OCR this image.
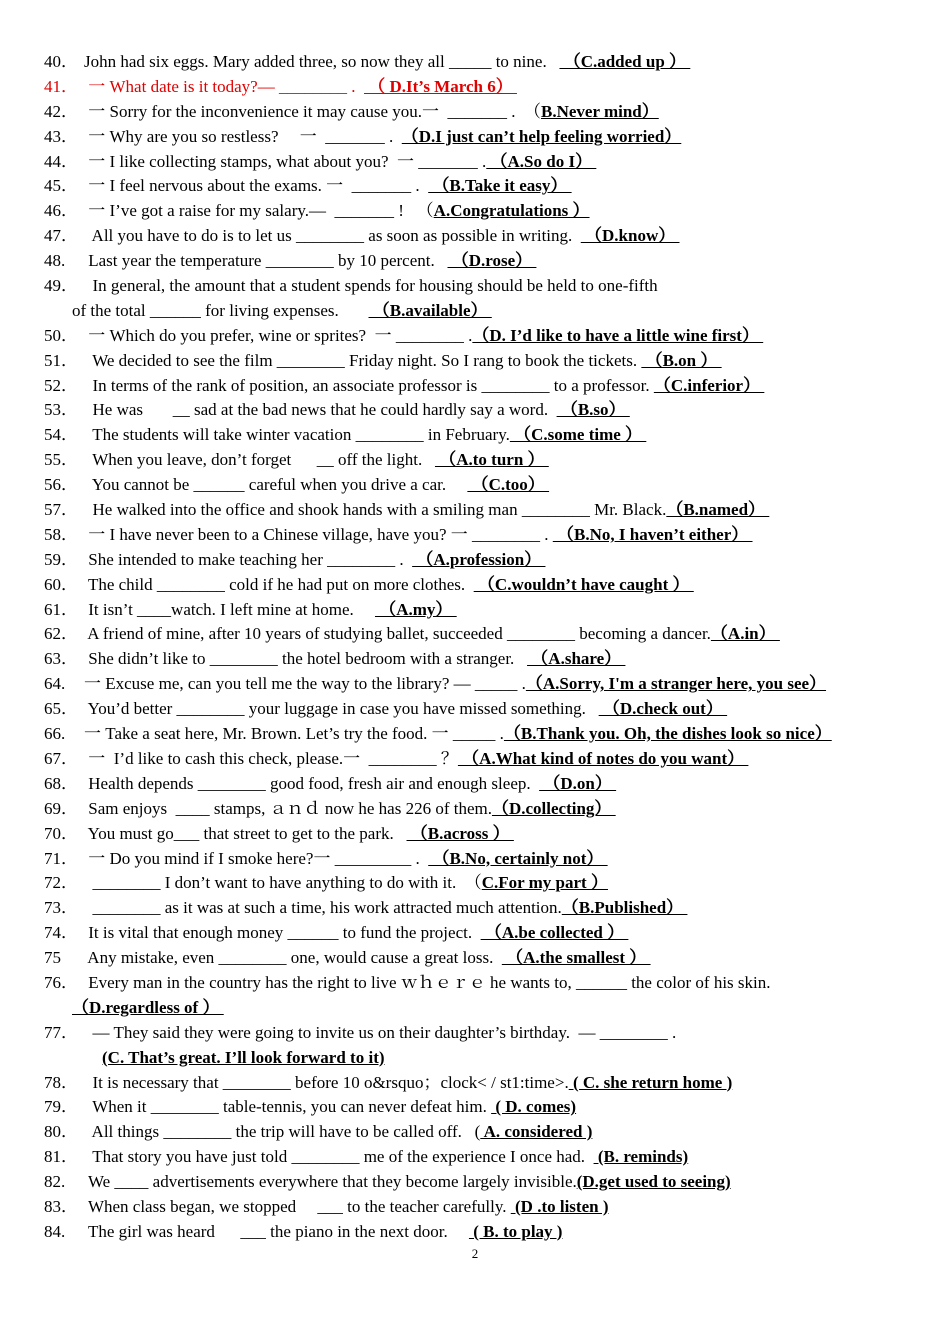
40． John had six eggs. Mary added three, so now they all _____ to nine.    （C.added up ）
41． 一 What date is it today?— ________ .   （ D.It’s March 6）
42． 一 Sorry for the inconvenience it may cause you.一  _______ .  （B.Never mind）
43． 一 Why are you so restless?     一  _______ .  （D.I just can’t help feeling worried）
44． 一 I like collecting stamps, what about you?  一 _______ . （A.So do I）
45． 一 I feel nervous about the exams. 一  _______ .   （B.Take it easy）
46． 一 I’ve got a raise for my salary.—  _______ !   （A.Congratulations ）
47．  All you have to do is to let us ________ as soon as possible in writing.   （D.know）
48. Last year the temperature ________ by 10 percent.    （D.rose）
49．  In general, the amount that a student spends for housing should be held to one-fifth
of the total ______ for living expenses.        （B.available）
50． 一 Which do you prefer, wine or sprites?  一 ________ .（D. I’d like to have a little wine first）
51．  We decided to see the film ________ Friday night. So I rang to book the tickets.  （B.on ）
52．  In terms of the rank of position, an associate professor is ________ to a professor. （C.inferior）
53．  He was       __ sad at the bad news that he could hardly say a word.   （B.so）
54．  The students will take winter vacation ________ in February. （C.some time ）
55．  When you leave, don’t forget      __ off the light.    （A.to turn ）
56．  You cannot be ______ careful when you drive a car.      （C.too）
57．  He walked into the office and shook hands with a smiling man ________ Mr. Black.（B.named）
58． 一 I have never been to a Chinese village, have you? 一 ________ .  （B.No, I haven’t either）
59． She intended to make teaching her ________ .   （A.profession）
60． The child ________ cold if he had put on more clothes.   （C.wouldn’t have caught ）
61． It isn’t ____watch. I left mine at home.      （A.my）
62． A friend of mine, after 10 years of studying ballet, succeeded ________ becoming a dancer.（A.in）
63． She didn’t like to ________ the hotel bedroom with a stranger.    （A.share）
64. 一 Excuse me, can you tell me the way to the library? — _____ .（A.Sorry, I'm a stranger here, you see）
65． You’d better ________ your luggage in case you have missed something.    （D.check out）
66. 一 Take a seat here, Mr. Brown. Let’s try the food. 一 _____ .（B.Thank you. Oh, the dishes look so nice）
67． 一  I’d like to cash this check, please.一  ________ ？ （A.What kind of notes do you want）
68． Health depends ________ good food, fresh air and enough sleep.   （D.on）
69． Sam enjoys  ____ stamps, ａｎｄ now he has 226 of them.（D.collecting）
70． You must go___ that street to get to the park.    （B.across ）
71． 一 Do you mind if I smoke here?一 _________ .   （B.No, certainly not）
72．  ________ I don’t want to have anything to do with it.  （C.For my part ）
73．  ________ as it was at such a time, his work attracted much attention.（B.Published）
74． It is vital that enough money ______ to fund the project.   （A.be collected ）
75 Any mistake, even ________ one, would cause a great loss.   （A.the smallest ）
76． Every man in the country has the right to live ｗｈｅｒｅ he wants to, ______ the color of his skin.
（D.regardless of ）
77．  — They said they were going to invite us on their daughter’s birthday.  — ________ .
(C. That’s great. I’ll look forward to it)
78．  It is necessary that ________ before 10 o&rsquo；clock< / st1:time>. ( C. she return home )
79．  When it ________ table-tennis, you can never defeat him.  ( D. comes)
80．  All things ________ the trip will have to be called off.   ( A. considered )
81．  That story you have just told ________ me of the experience I once had.   (B. reminds)
82. We ____ advertisements everywhere that they become largely invisible.(D.get used to seeing)
83． When class began, we stopped     ___ to the teacher carefully.  (D .to listen )
84. The girl was heard      ___ the piano in the next door.      ( B. to play )
2
